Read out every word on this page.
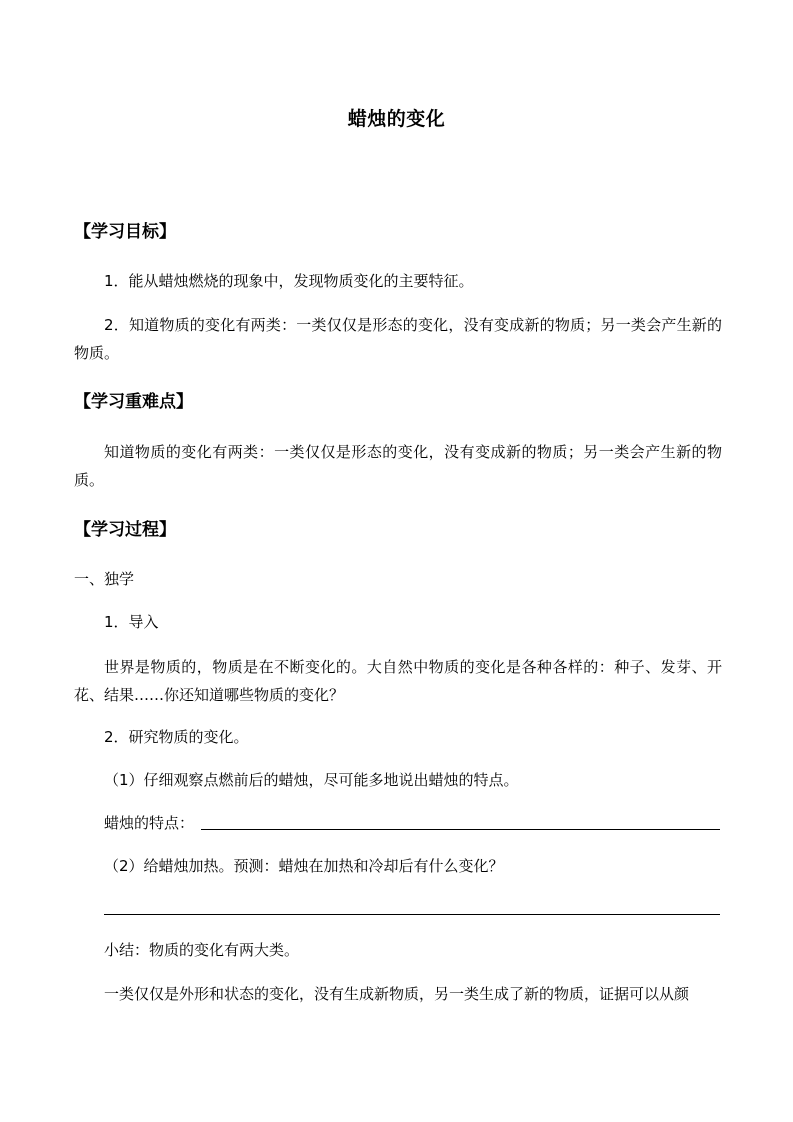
蜡烛的变化
【学习目标】
1．能从蜡烛燃烧的现象中，发现物质变化的主要特征。
2．知道物质的变化有两类：一类仅仅是形态的变化，没有变成新的物质；另一类会产生新的物质。
【学习重难点】
知道物质的变化有两类：一类仅仅是形态的变化，没有变成新的物质；另一类会产生新的物质。
【学习过程】
一、独学
1．导入
世界是物质的，物质是在不断变化的。大自然中物质的变化是各种各样的：种子、发芽、开花、结果……你还知道哪些物质的变化？
2．研究物质的变化。
（1）仔细观察点燃前后的蜡烛，尽可能多地说出蜡烛的特点。
蜡烛的特点：
（2）给蜡烛加热。预测：蜡烛在加热和冷却后有什么变化？
小结：物质的变化有两大类。
一类仅仅是外形和状态的变化，没有生成新物质，另一类生成了新的物质，证据可以从颜
